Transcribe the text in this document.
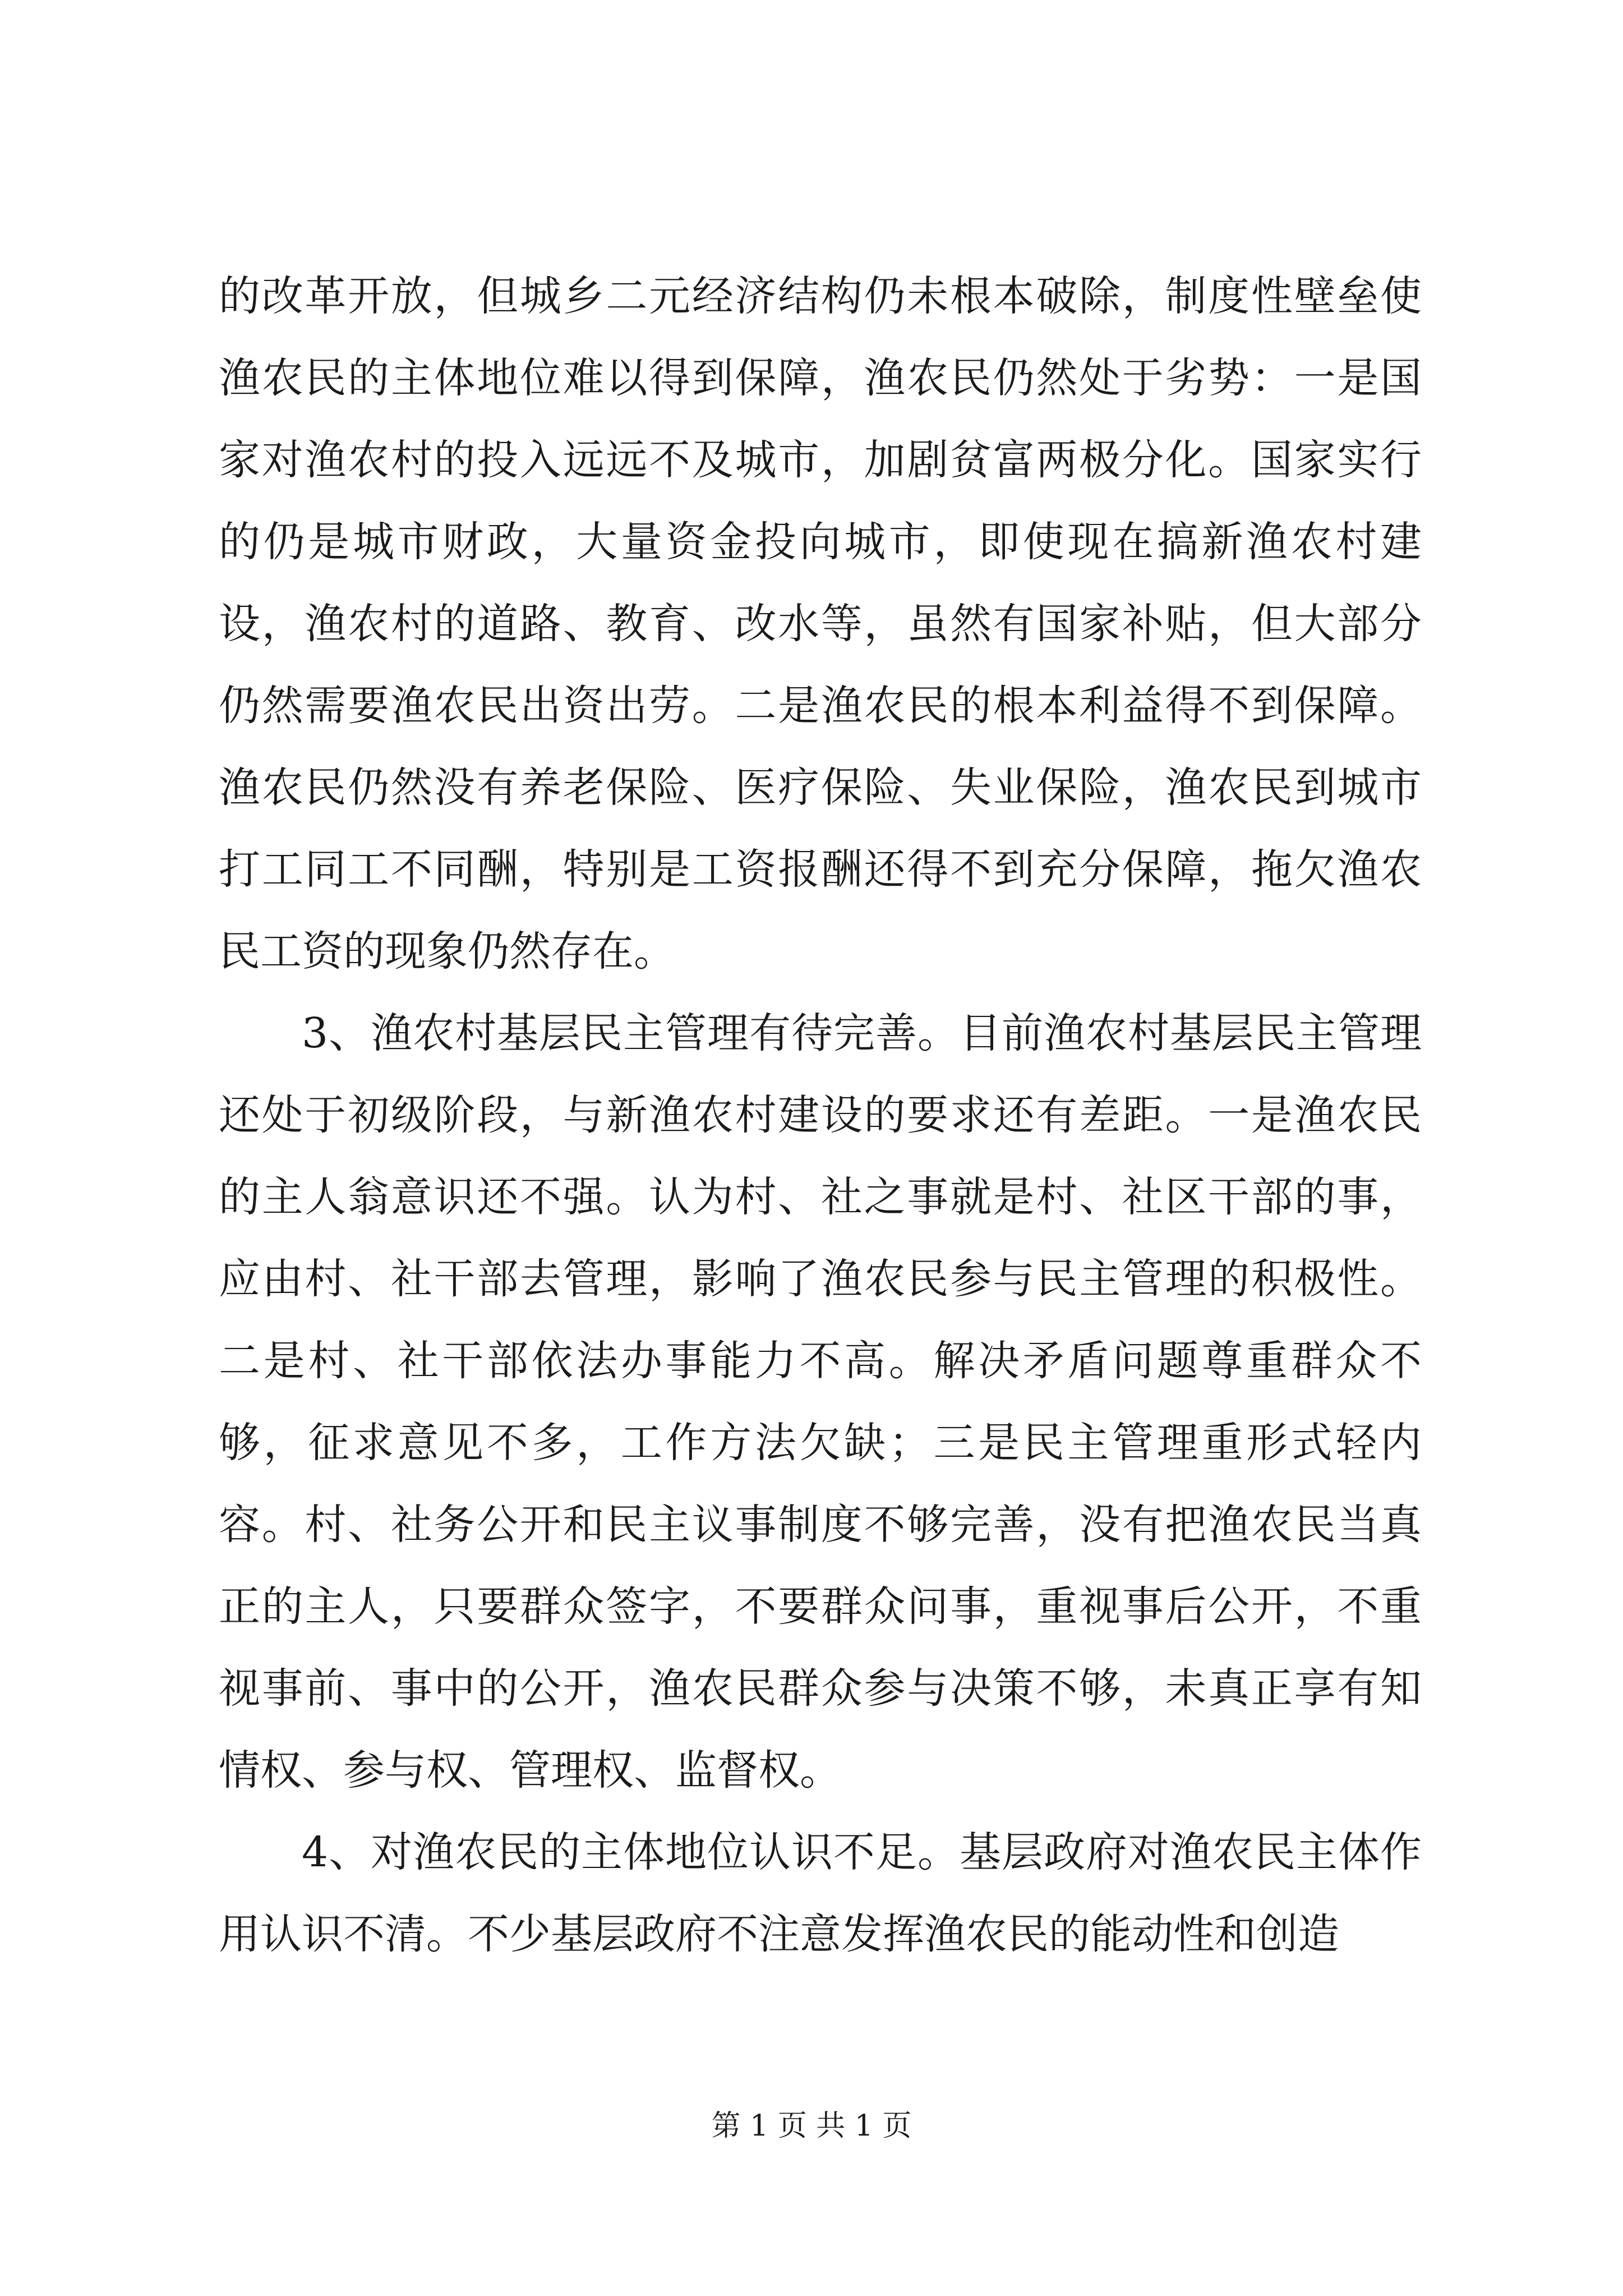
的改革开放，但城乡二元经济结构仍未根本破除，制度性壁垒使渔农民的主体地位难以得到保障，渔农民仍然处于劣势：一是国家对渔农村的投入远远不及城市，加剧贫富两极分化。国家实行的仍是城市财政，大量资金投向城市，即使现在搞新渔农村建设，渔农村的道路、教育、改水等，虽然有国家补贴，但大部分仍然需要渔农民出资出劳。二是渔农民的根本利益得不到保障。渔农民仍然没有养老保险、医疗保险、失业保险，渔农民到城市打工同工不同酬，特别是工资报酬还得不到充分保障，拖欠渔农民工资的现象仍然存在。

3、渔农村基层民主管理有待完善。目前渔农村基层民主管理还处于初级阶段，与新渔农村建设的要求还有差距。一是渔农民的主人翁意识还不强。认为村、社之事就是村、社区干部的事，应由村、社干部去管理，影响了渔农民参与民主管理的积极性。二是村、社干部依法办事能力不高。解决矛盾问题尊重群众不够，征求意见不多，工作方法欠缺；三是民主管理重形式轻内容。村、社务公开和民主议事制度不够完善，没有把渔农民当真正的主人，只要群众签字，不要群众问事，重视事后公开，不重视事前、事中的公开，渔农民群众参与决策不够，未真正享有知情权、参与权、管理权、监督权。

4、对渔农民的主体地位认识不足。基层政府对渔农民主体作用认识不清。不少基层政府不注意发挥渔农民的能动性和创造

第 1 页 共 1 页
